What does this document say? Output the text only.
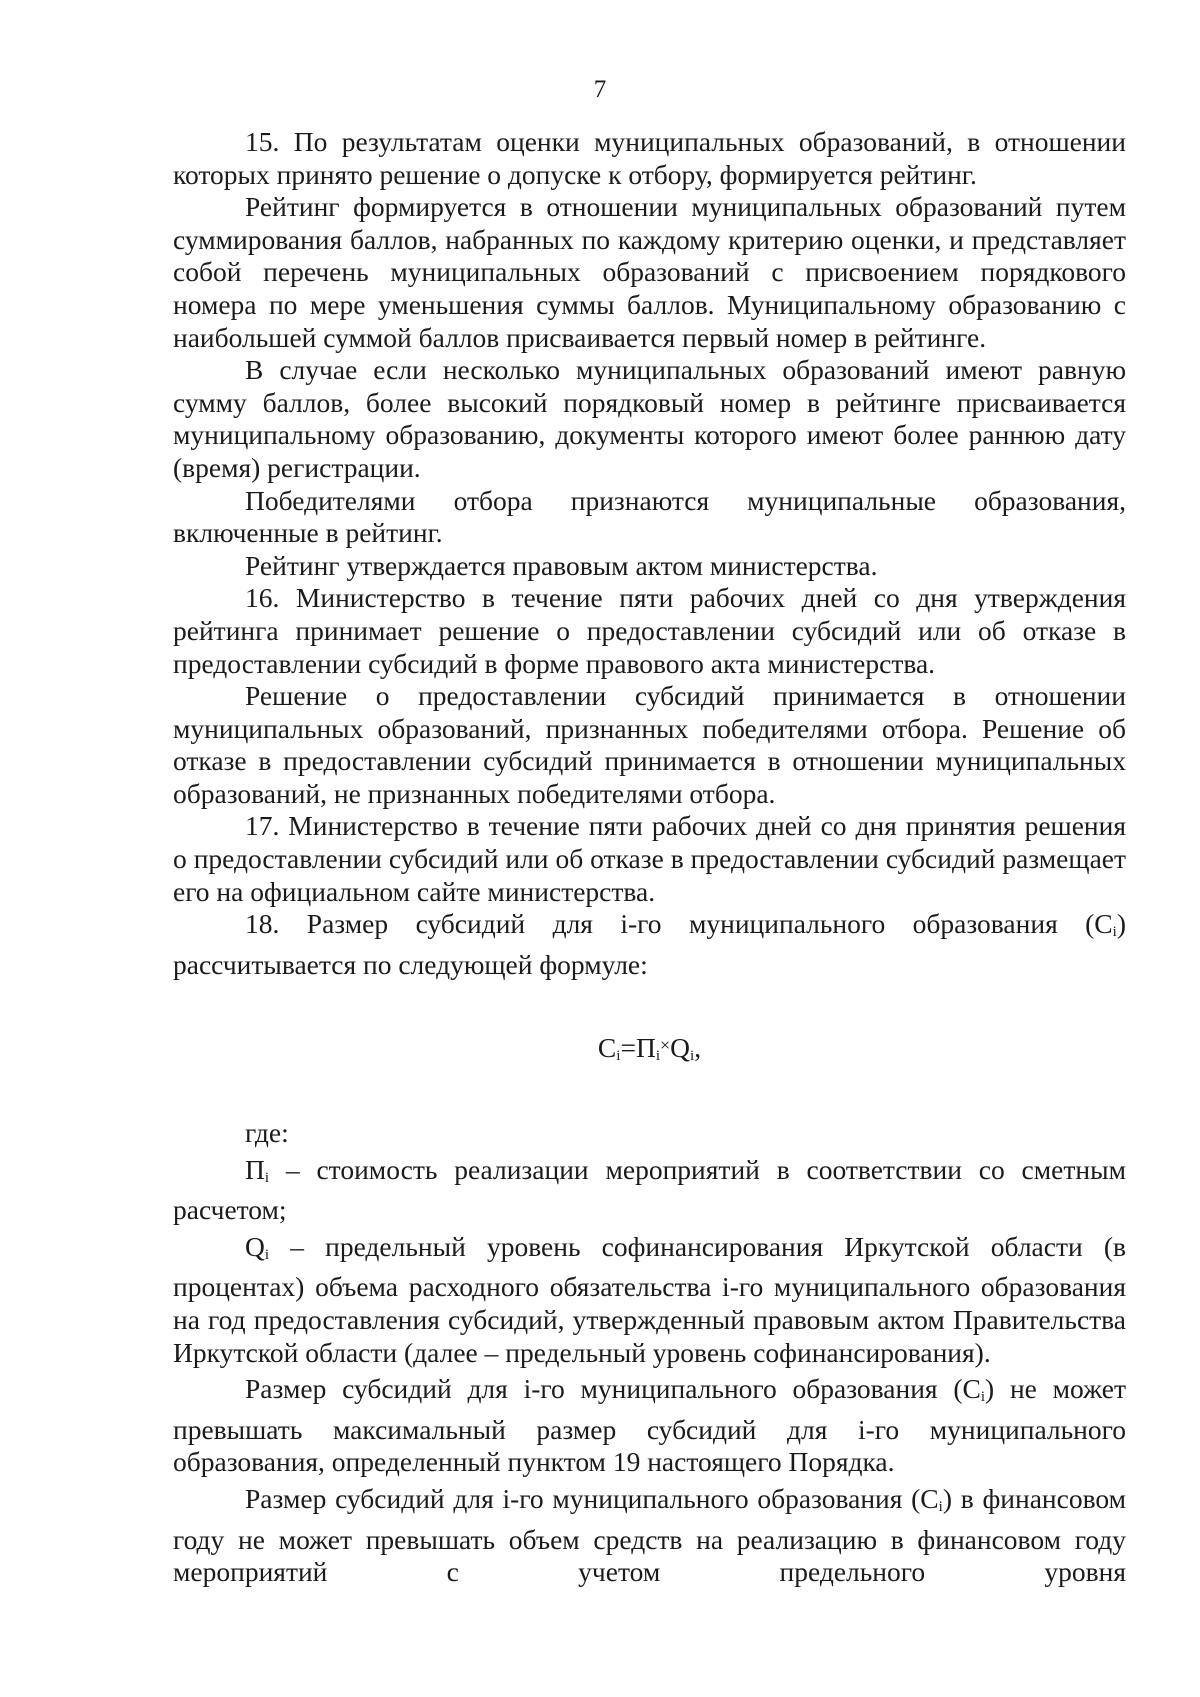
7

15. По результатам оценки муниципальных образований, в отношении которых принято решение о допуске к отбору, формируется рейтинг.

Рейтинг формируется в отношении муниципальных образований путем суммирования баллов, набранных по каждому критерию оценки, и представляет собой перечень муниципальных образований с присвоением порядкового номера по мере уменьшения суммы баллов. Муниципальному образованию с наибольшей суммой баллов присваивается первый номер в рейтинге.

В случае если несколько муниципальных образований имеют равную сумму баллов, более высокий порядковый номер в рейтинге присваивается муниципальному образованию, документы которого имеют более раннюю дату (время) регистрации.

Победителями отбора признаются муниципальные образования, включенные в рейтинг.

Рейтинг утверждается правовым актом министерства.

16. Министерство в течение пяти рабочих дней со дня утверждения рейтинга принимает решение о предоставлении субсидий или об отказе в предоставлении субсидий в форме правового акта министерства.

Решение о предоставлении субсидий принимается в отношении муниципальных образований, признанных победителями отбора. Решение об отказе в предоставлении субсидий принимается в отношении муниципальных образований, не признанных победителями отбора.

17. Министерство в течение пяти рабочих дней со дня принятия решения о предоставлении субсидий или об отказе в предоставлении субсидий размещает его на официальном сайте министерства.

18. Размер субсидий для i-го муниципального образования $(C_i)$ рассчитывается по следующей формуле:

$C_i=П_i^\times Q_i$,

где:

$П_i$ – стоимость реализации мероприятий в соответствии со сметным расчетом;

$Q_i$ – предельный уровень софинансирования Иркутской области (в процентах) объема расходного обязательства i-го муниципального образования на год предоставления субсидий, утвержденный правовым актом Правительства Иркутской области (далее – предельный уровень софинансирования).

Размер субсидий для i-го муниципального образования $(C_i)$ не может превышать максимальный размер субсидий для i-го муниципального образования, определенный пунктом 19 настоящего Порядка.

Размер субсидий для i-го муниципального образования $(C_i)$ в финансовом году не может превышать объем средств на реализацию в финансовом году мероприятий с учетом предельного уровня
